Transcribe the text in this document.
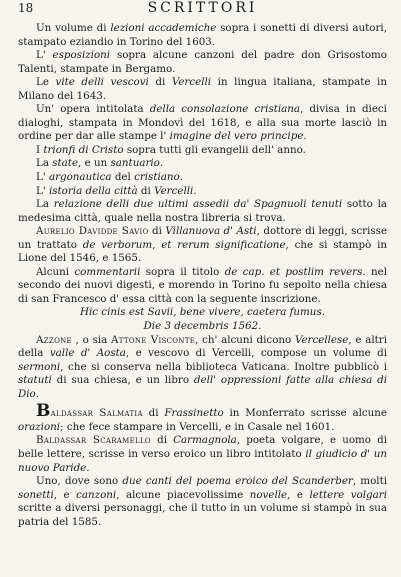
18	SCRITTORI

Un volume di lezioni accademiche sopra i sonetti di diversi autori, stampato eziandio in Torino del 1603.

L' esposizioni sopra alcune canzoni del padre don Grisostomo Talenti, stampate in Bergamo.

Le vite delli vescovi di Vercelli in lingua italiana, stampate in Milano del 1643.

Un' opera intitolata della consolazione cristiana, divisa in dieci dialoghi, stampata in Mondovì del 1618, e alla sua morte lasciò in ordine per dar alle stampe l' imagine del vero principe.

I trionfi di Cristo sopra tutti gli evangelii dell' anno.

La state, e un santuario.

L' argonautica del cristiano.

L' istoria della città di Vercelli.

La relazione delli due ultimi assedii da' Spagnuoli tenuti sotto la medesima città, quale nella nostra libreria si trova.

Aurelio Davidde Savio di Villanuova d' Asti, dottore di leggi, scrisse un trattato de verborum, et rerum significatione, che si stampò in Lione del 1546, e 1565.

Alcuni commentarii sopra il titolo de cap. et postlim revers. nel secondo dei nuovi digesti, e morendo in Torino fu sepolto nella chiesa di san Francesco d' essa città con la seguente inscrizione.

Hic cinis est Savii, bene vivere, caetera fumus.

Die 3 decembris 1562.

Azzone , o sia Attone Visconte, ch' alcuni dicono Vercellese, e altri della valle d' Aosta, e vescovo di Vercelli, compose un volume di sermoni, che si conserva nella biblioteca Vaticana. Inoltre pubblicò i statuti di sua chiesa, e un libro dell' oppressioni fatte alla chiesa di Dio.

Baldassar Salmatia di Frassinetto in Monferrato scrisse alcune orazioni; che fece stampare in Vercelli, e in Casale nel 1601.

Baldassar Scaramello di Carmagnola, poeta volgare, e uomo di belle lettere, scrisse in verso eroico un libro intitolato il giudicio d' un nuovo Paride.

Uno, dove sono due canti del poema eroico del Scanderber, molti sonetti, e canzoni, alcune piacevolissime novelle, e lettere volgari scritte a diversi personaggi, che il tutto in un volume si stampò in sua patria del 1585.
